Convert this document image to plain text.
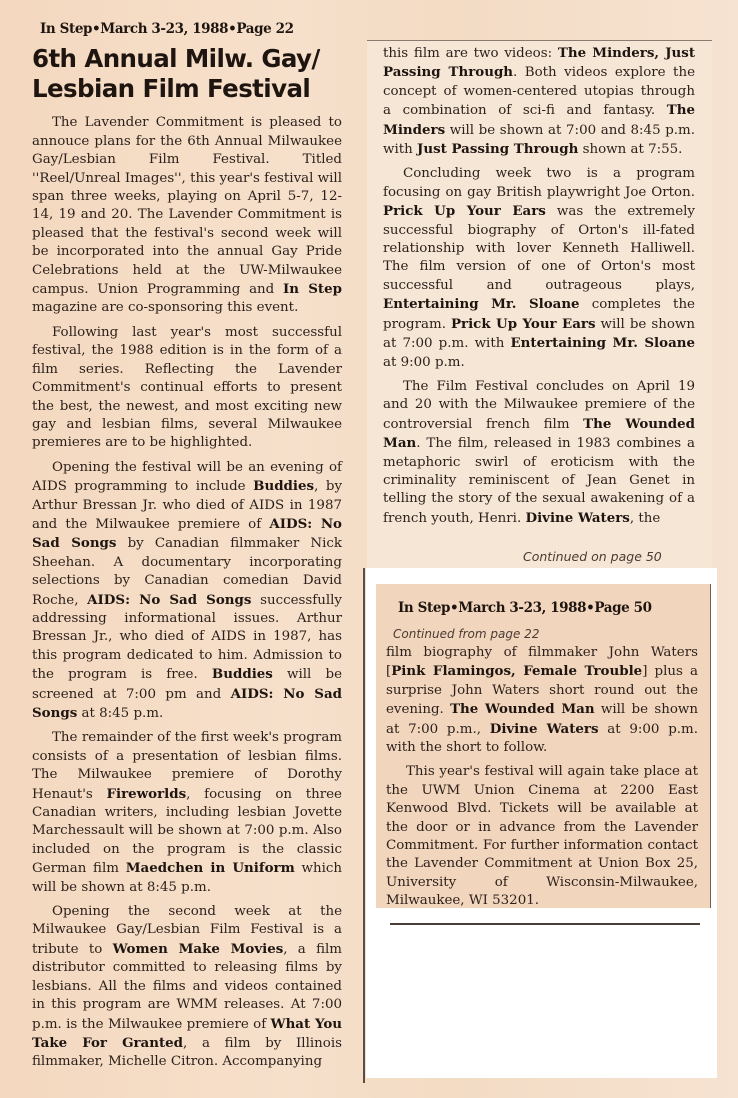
In Step•March 3-23, 1988•Page 22
6th Annual Milw. Gay/
Lesbian Film Festival

The Lavender Commitment is pleased to annouce plans for the 6th Annual Milwaukee Gay/Lesbian Film Festival. Titled ''Reel/Unreal Images'', this year's festival will span three weeks, playing on April 5-7, 12-14, 19 and 20. The Lavender Commitment is pleased that the festival's second week will be incorporated into the annual Gay Pride Celebrations held at the UW-Milwaukee campus. Union Programming and In Step magazine are co-sponsoring this event.

Following last year's most successful festival, the 1988 edition is in the form of a film series. Reflecting the Lavender Commitment's continual efforts to present the best, the newest, and most exciting new gay and lesbian films, several Milwaukee premieres are to be highlighted.

Opening the festival will be an evening of AIDS programming to include Buddies, by Arthur Bressan Jr. who died of AIDS in 1987 and the Milwaukee premiere of AIDS: No Sad Songs by Canadian filmmaker Nick Sheehan. A documentary incorporating selections by Canadian comedian David Roche, AIDS: No Sad Songs successfully addressing informational issues. Arthur Bressan Jr., who died of AIDS in 1987, has this program dedicated to him. Admission to the program is free. Buddies will be screened at 7:00 pm and AIDS: No Sad Songs at 8:45 p.m.

The remainder of the first week's program consists of a presentation of lesbian films. The Milwaukee premiere of Dorothy Henaut's Fireworlds, focusing on three Canadian writers, including lesbian Jovette Marchessault will be shown at 7:00 p.m. Also included on the program is the classic German film Maedchen in Uniform which will be shown at 8:45 p.m.

Opening the second week at the Milwaukee Gay/Lesbian Film Festival is a tribute to Women Make Movies, a film distributor committed to releasing films by lesbians. All the films and videos contained in this program are WMM releases. At 7:00 p.m. is the Milwaukee premiere of What You Take For Granted, a film by Illinois filmmaker, Michelle Citron. Accompanying

this film are two videos: The Minders, Just Passing Through. Both videos explore the concept of women-centered utopias through a combination of sci-fi and fantasy. The Minders will be shown at 7:00 and 8:45 p.m. with Just Passing Through shown at 7:55.

Concluding week two is a program focusing on gay British playwright Joe Orton. Prick Up Your Ears was the extremely successful biography of Orton's ill-fated relationship with lover Kenneth Halliwell. The film version of one of Orton's most successful and outrageous plays, Entertaining Mr. Sloane completes the program. Prick Up Your Ears will be shown at 7:00 p.m. with Entertaining Mr. Sloane at 9:00 p.m.

The Film Festival concludes on April 19 and 20 with the Milwaukee premiere of the controversial french film The Wounded Man. The film, released in 1983 combines a metaphoric swirl of eroticism with the criminality reminiscent of Jean Genet in telling the story of the sexual awakening of a french youth, Henri. Divine Waters, the

Continued on page 50
In Step•March 3-23, 1988•Page 50
Continued from page 22

film biography of filmmaker John Waters [Pink Flamingos, Female Trouble] plus a surprise John Waters short round out the evening. The Wounded Man will be shown at 7:00 p.m., Divine Waters at 9:00 p.m. with the short to follow.

This year's festival will again take place at the UWM Union Cinema at 2200 East Kenwood Blvd. Tickets will be available at the door or in advance from the Lavender Commitment. For further information contact the Lavender Commitment at Union Box 25, University of Wisconsin-Milwaukee, Milwaukee, WI 53201.
